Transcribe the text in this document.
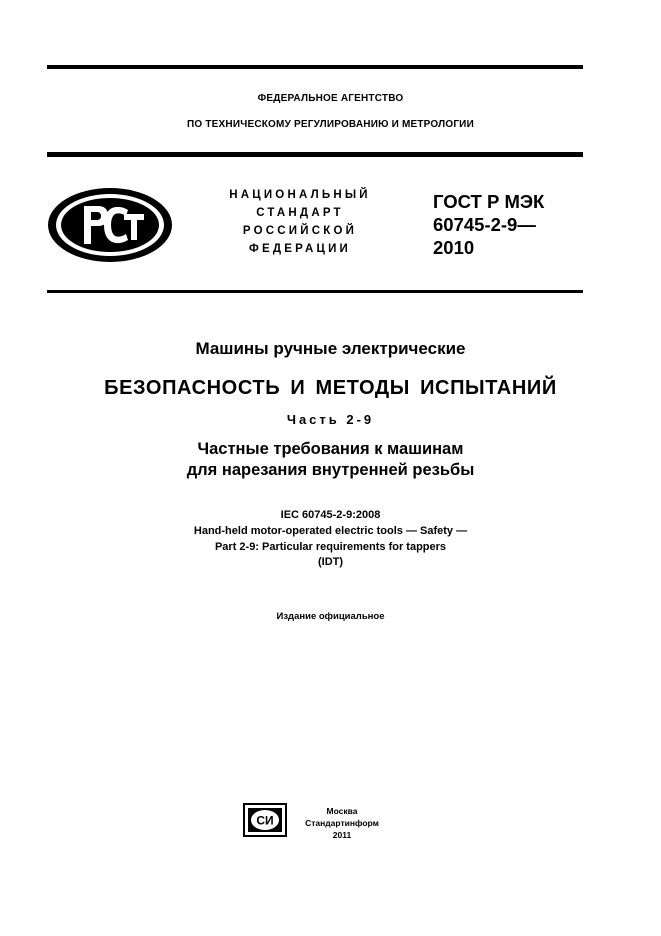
ФЕДЕРАЛЬНОЕ АГЕНТСТВО
ПО ТЕХНИЧЕСКОМУ РЕГУЛИРОВАНИЮ И МЕТРОЛОГИИ
НАЦИОНАЛЬНЫЙ
СТАНДАРТ
РОССИЙСКОЙ
ФЕДЕРАЦИИ
ГОСТ Р МЭК
60745-2-9—
2010
Машины ручные электрические
БЕЗОПАСНОСТЬ И МЕТОДЫ ИСПЫТАНИЙ
Часть 2-9
Частные требования к машинам
для нарезания внутренней резьбы
IEC 60745-2-9:2008
Hand-held motor-operated electric tools — Safety —
Part 2-9: Particular requirements for tappers
(IDT)
Издание официальное
СИ
Москва
Стандартинформ
2011
